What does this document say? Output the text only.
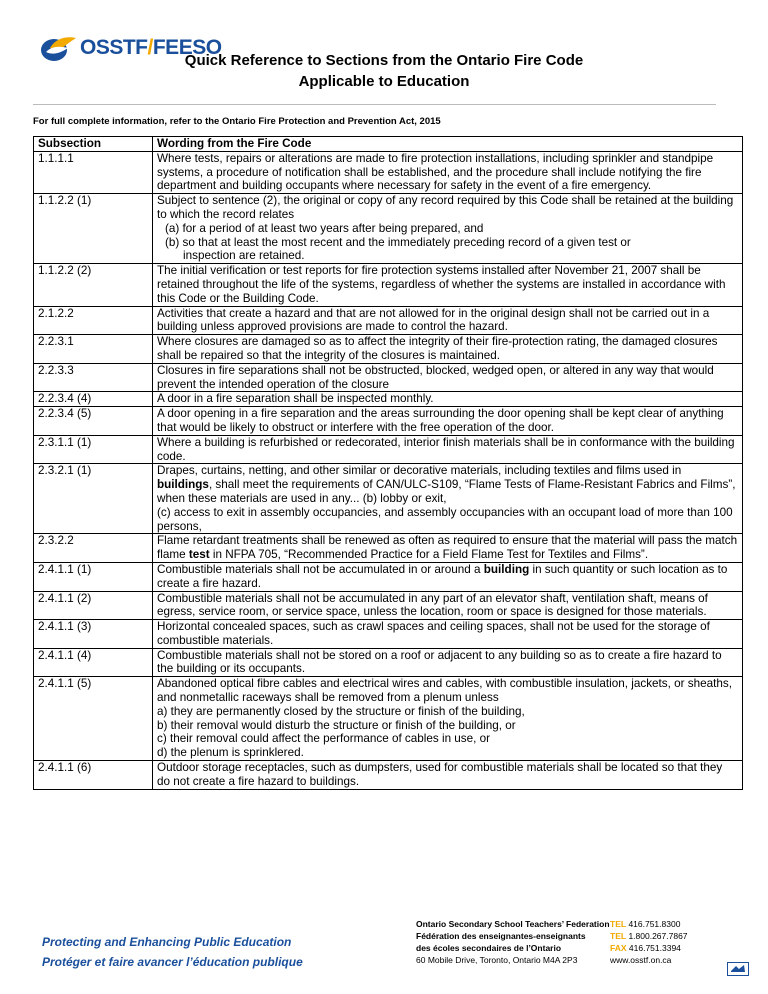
OSSTF/FEESO
Quick Reference to Sections from the Ontario Fire Code
Applicable to Education
For full complete information, refer to the Ontario Fire Protection and Prevention Act, 2015
Subsection	Wording from the Fire Code
1.1.1.1	Where tests, repairs or alterations are made to fire protection installations, including sprinkler and standpipe systems, a procedure of notification shall be established, and the procedure shall include notifying the fire department and building occupants where necessary for safety in the event of a fire emergency.
1.1.2.2 (1)	Subject to sentence (2), the original or copy of any record required by this Code shall be retained at the building to which the record relates
(a) for a period of at least two years after being prepared, and
(b) so that at least the most recent and the immediately preceding record of a given test or
inspection are retained.

1.1.2.2 (2)	The initial verification or test reports for fire protection systems installed after November 21, 2007 shall be retained throughout the life of the systems, regardless of whether the systems are installed in accordance with this Code or the Building Code.
2.1.2.2	Activities that create a hazard and that are not allowed for in the original design shall not be carried out in a building unless approved provisions are made to control the hazard.
2.2.3.1	Where closures are damaged so as to affect the integrity of their fire-protection rating, the damaged closures shall be repaired so that the integrity of the closures is maintained.
2.2.3.3	Closures in fire separations shall not be obstructed, blocked, wedged open, or altered in any way that would prevent the intended operation of the closure
2.2.3.4 (4)	A door in a fire separation shall be inspected monthly.
2.2.3.4 (5)	A door opening in a fire separation and the areas surrounding the door opening shall be kept clear of anything that would be likely to obstruct or interfere with the free operation of the door.
2.3.1.1 (1)	Where a building is refurbished or redecorated, interior finish materials shall be in conformance with the building code.
2.3.2.1 (1)	Drapes, curtains, netting, and other similar or decorative materials, including textiles and films used in buildings, shall meet the requirements of CAN/ULC-S109, “Flame Tests of Flame-Resistant Fabrics and Films”, when these materials are used in any... (b) lobby or exit,
(c) access to exit in assembly occupancies, and assembly occupancies with an occupant load of more than 100 persons,

2.3.2.2	Flame retardant treatments shall be renewed as often as required to ensure that the material will pass the match flame test in NFPA 705, “Recommended Practice for a Field Flame Test for Textiles and Films”.
2.4.1.1 (1)	Combustible materials shall not be accumulated in or around a building in such quantity or such location as to create a fire hazard.
2.4.1.1 (2)	Combustible materials shall not be accumulated in any part of an elevator shaft, ventilation shaft, means of egress, service room, or service space, unless the location, room or space is designed for those materials.
2.4.1.1 (3)	Horizontal concealed spaces, such as crawl spaces and ceiling spaces, shall not be used for the storage of combustible materials.
2.4.1.1 (4)	Combustible materials shall not be stored on a roof or adjacent to any building so as to create a fire hazard to the building or its occupants.
2.4.1.1 (5)	Abandoned optical fibre cables and electrical wires and cables, with combustible insulation, jackets, or sheaths, and nonmetallic raceways shall be removed from a plenum unless
a) they are permanently closed by the structure or finish of the building,
b) their removal would disturb the structure or finish of the building, or
c) their removal could affect the performance of cables in use, or
d) the plenum is sprinklered.

2.4.1.1 (6)	Outdoor storage receptacles, such as dumpsters, used for combustible materials shall be located so that they do not create a fire hazard to buildings.
Protecting and Enhancing Public Education
Protéger et faire avancer l’éducation publique
Ontario Secondary School Teachers’ Federation
Fédération des enseignantes-enseignants
des écoles secondaires de l’Ontario
60 Mobile Drive, Toronto, Ontario M4A 2P3
TEL 416.751.8300
TEL 1.800.267.7867
FAX 416.751.3394
www.osstf.on.ca
